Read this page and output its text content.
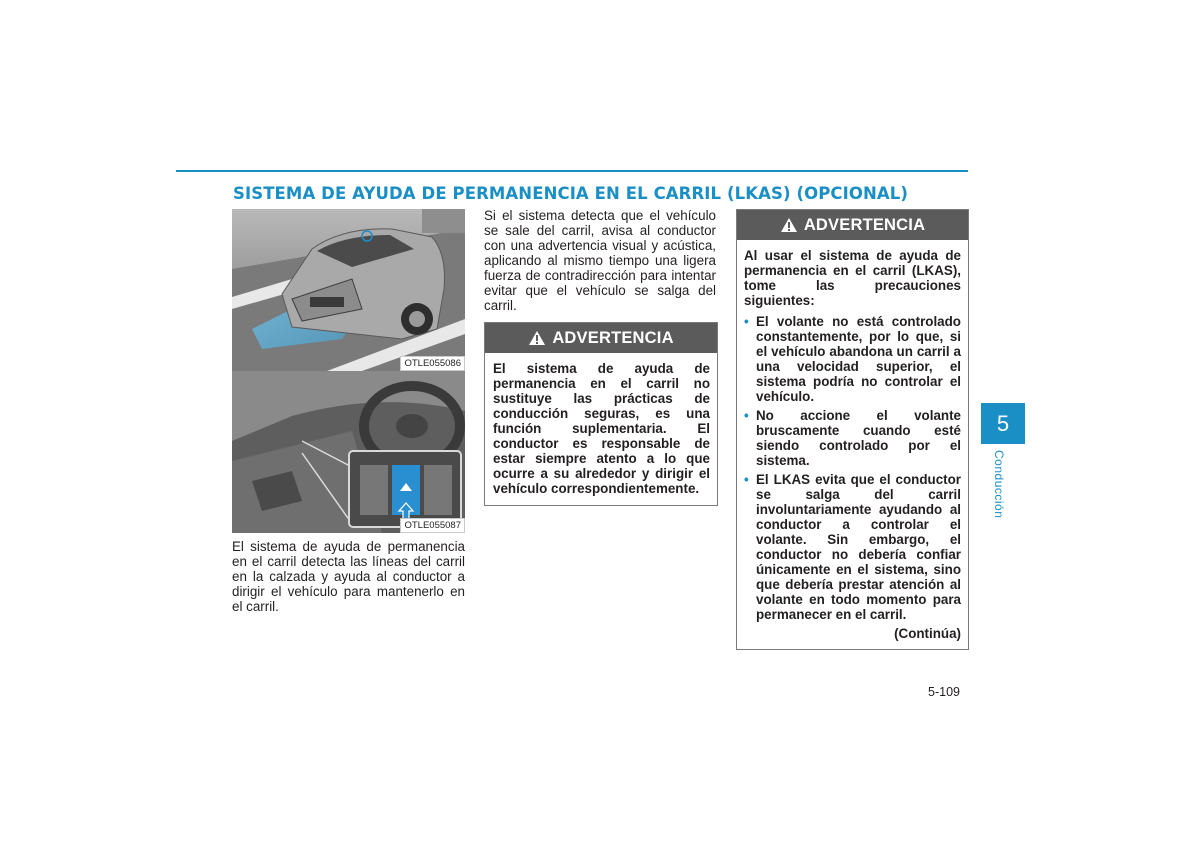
SISTEMA DE AYUDA DE PERMANENCIA EN EL CARRIL (LKAS) (OPCIONAL)
OTLE055086
OTLE055087
El sistema de ayuda de permanencia en el carril detecta las líneas del carril en la calzada y ayuda al conductor a dirigir el vehículo para mantenerlo en el carril.
Si el sistema detecta que el vehículo se sale del carril, avisa al conductor con una advertencia visual y acústica, aplicando al mismo tiempo una ligera fuerza de contradirección para intentar evitar que el vehículo se salga del carril.
ADVERTENCIA
El sistema de ayuda de permanencia en el carril no sustituye las prácticas de conducción seguras, es una función suplementaria. El conductor es responsable de estar siempre atento a lo que ocurre a su alrededor y dirigir el vehículo correspondientemente.
ADVERTENCIA
Al usar el sistema de ayuda de permanencia en el carril (LKAS), tome las precauciones siguientes:
• El volante no está controlado constantemente, por lo que, si el vehículo abandona un carril a una velocidad superior, el sistema podría no controlar el vehículo.
• No accione el volante bruscamente cuando esté siendo controlado por el sistema.
• El LKAS evita que el conductor se salga del carril involuntariamente ayudando al conductor a controlar el volante. Sin embargo, el conductor no debería confiar únicamente en el sistema, sino que debería prestar atención al volante en todo momento para permanecer en el carril.
(Continúa)
5-109
5
Conducción
